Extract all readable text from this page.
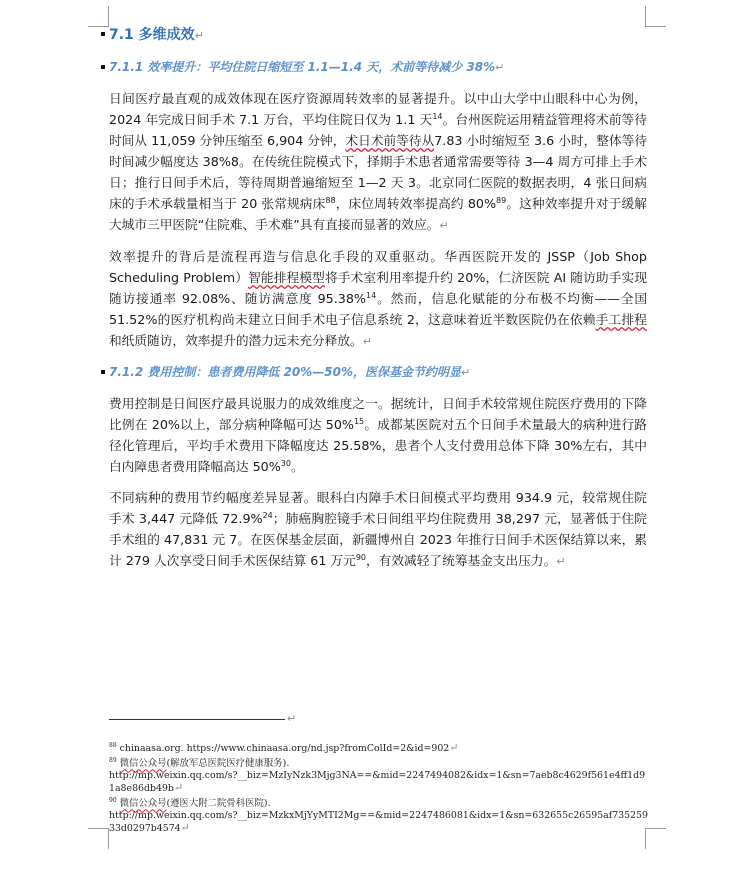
7.1 多维成效↵
7.1.1 效率提升：平均住院日缩短至 1.1—1.4 天，术前等待减少 38%↵

日间医疗最直观的成效体现在医疗资源周转效率的显著提升。以中山大学中山眼科中心为例，2024 年完成日间手术 7.1 万台，平均住院日仅为 1.1 天$^{14}$。台州医院运用精益管理将术前等待时间从 11,059 分钟压缩至 6,904 分钟，术日术前等待从7.83 小时缩短至 3.6 小时，整体等待时间减少幅度达 38%8。在传统住院模式下，择期手术患者通常需要等待 3—4 周方可排上手术日；推行日间手术后，等待周期普遍缩短至 1—2 天 3。北京同仁医院的数据表明，4 张日间病床的手术承载量相当于 20 张常规病床$^{88}$，床位周转效率提高约 80%$^{89}$。这种效率提升对于缓解大城市三甲医院“住院难、手术难”具有直接而显著的效应。↵

效率提升的背后是流程再造与信息化手段的双重驱动。华西医院开发的 JSSP（Job Shop Scheduling Problem）智能排程模型将手术室利用率提升约 20%，仁济医院 AI 随访助手实现随访接通率 92.08%、随访满意度 95.38%$^{14}$。然而，信息化赋能的分布极不均衡——全国 51.52%的医疗机构尚未建立日间手术电子信息系统 2，这意味着近半数医院仍在依赖手工排程和纸质随访，效率提升的潜力远未充分释放。↵

7.1.2 费用控制：患者费用降低 20%—50%，医保基金节约明显↵

费用控制是日间医疗最具说服力的成效维度之一。据统计，日间手术较常规住院医疗费用的下降比例在 20%以上，部分病种降幅可达 50%$^{15}$。成都某医院对五个日间手术量最大的病种进行路径化管理后，平均手术费用下降幅度达 25.58%，患者个人支付费用总体下降 30%左右，其中白内障患者费用降幅高达 50%$^{30}$。

不同病种的费用节约幅度差异显著。眼科白内障手术日间模式平均费用 934.9 元，较常规住院手术 3,447 元降低 72.9%$^{24}$；肺癌胸腔镜手术日间组平均住院费用 38,297 元，显著低于住院手术组的 47,831 元 7。在医保基金层面，新疆博州自 2023 年推行日间手术医保结算以来，累计 279 人次享受日间手术医保结算 61 万元$^{90}$，有效减轻了统筹基金支出压力。↵

↵
$^{88}$ chinaasa.org. https://www.chinaasa.org/nd.jsp?fromColId=2&id=902↵
$^{89}$ 微信公众号(解放军总医院医疗健康服务).
http://mp.weixin.qq.com/s?__biz=MzIyNzk3Mjg3NA==&mid=2247494082&idx=1&sn=7aeb8c4629f561e4ff1d91a8e86db49b↵
$^{90}$ 微信公众号(遵医大附二院骨科医院).
http://mp.weixin.qq.com/s?__biz=MzkxMjYyMTI2Mg==&mid=2247486081&idx=1&sn=632655c26595af73525933d0297b4574↵
